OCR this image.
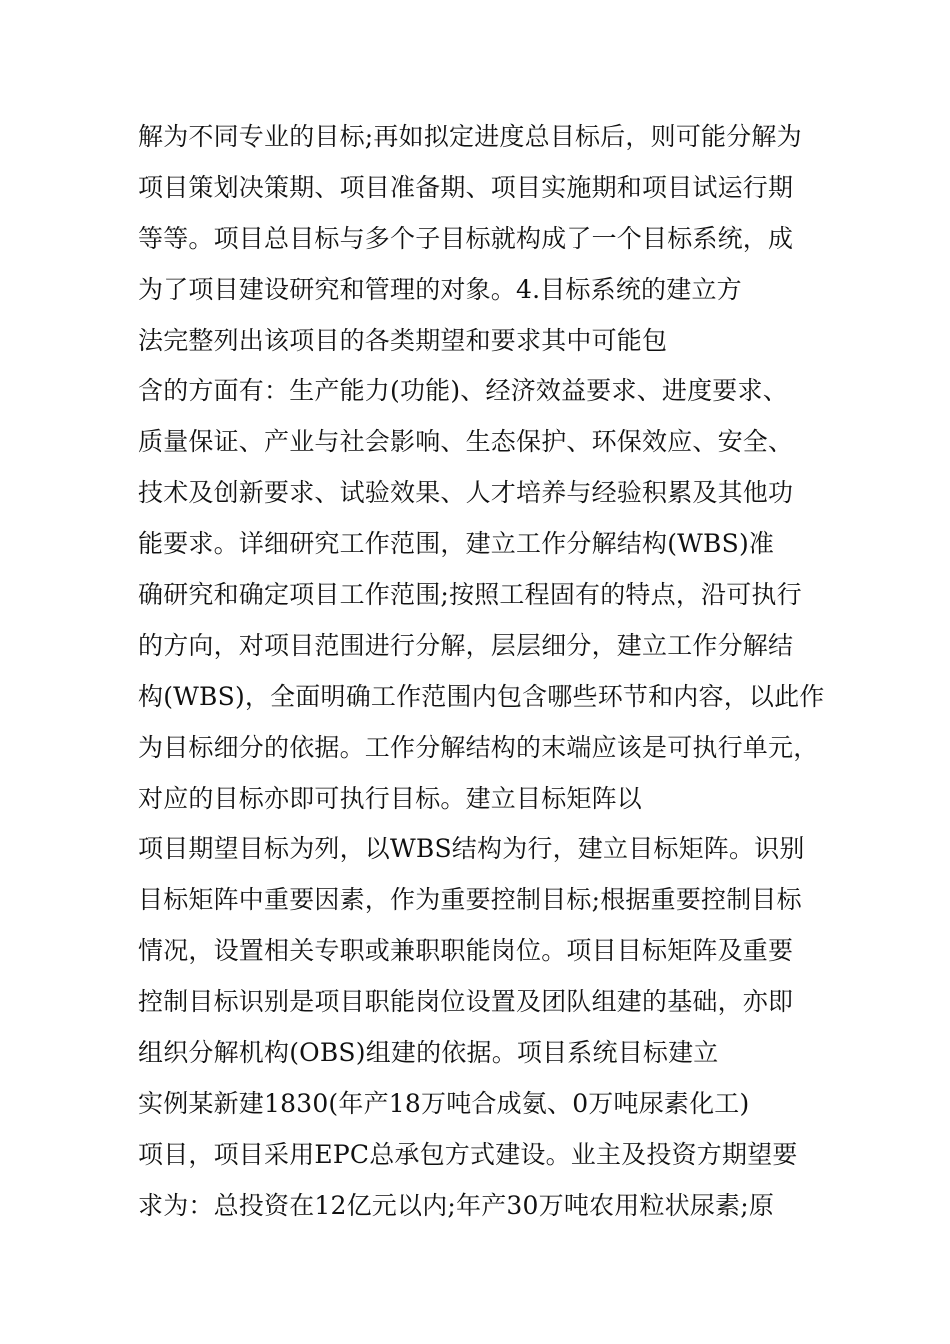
解为不同专业的目标;再如拟定进度总目标后，则可能分解为
项目策划决策期、项目准备期、项目实施期和项目试运行期
等等。项目总目标与多个子目标就构成了一个目标系统，成
为了项目建设研究和管理的对象。4.目标系统的建立方
法完整列出该项目的各类期望和要求其中可能包
含的方面有：生产能力(功能)、经济效益要求、进度要求、
质量保证、产业与社会影响、生态保护、环保效应、安全、
技术及创新要求、试验效果、人才培养与经验积累及其他功
能要求。详细研究工作范围，建立工作分解结构(WBS)准
确研究和确定项目工作范围;按照工程固有的特点，沿可执行
的方向，对项目范围进行分解，层层细分，建立工作分解结
构(WBS)，全面明确工作范围内包含哪些环节和内容，以此作
为目标细分的依据。工作分解结构的末端应该是可执行单元，
对应的目标亦即可执行目标。建立目标矩阵以
项目期望目标为列，以WBS结构为行，建立目标矩阵。识别
目标矩阵中重要因素，作为重要控制目标;根据重要控制目标
情况，设置相关专职或兼职职能岗位。项目目标矩阵及重要
控制目标识别是项目职能岗位设置及团队组建的基础，亦即
组织分解机构(OBS)组建的依据。项目系统目标建立
实例某新建1830(年产18万吨合成氨、0万吨尿素化工)
项目，项目采用EPC总承包方式建设。业主及投资方期望要
求为：总投资在12亿元以内;年产30万吨农用粒状尿素;原
